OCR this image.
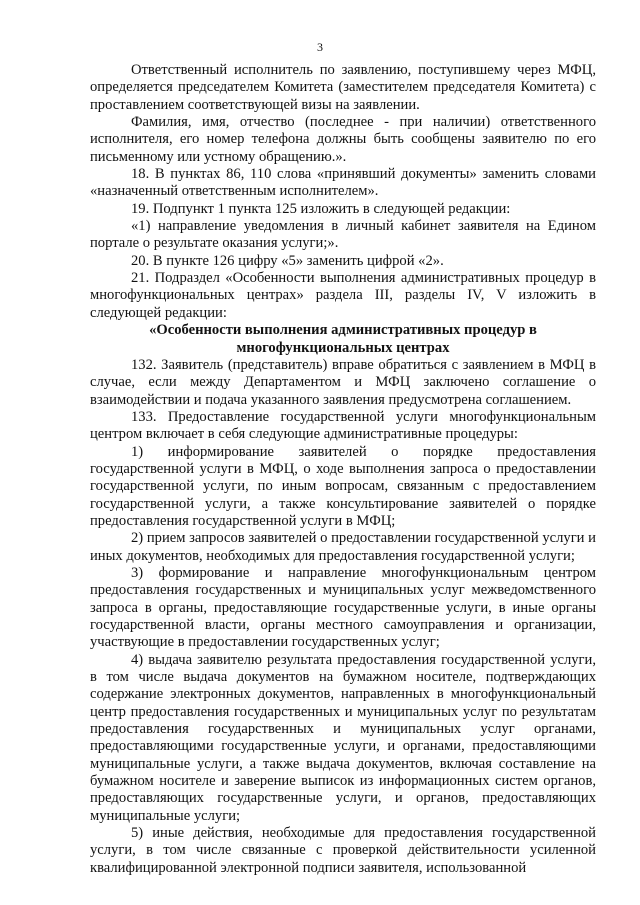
3

Ответственный исполнитель по заявлению, поступившему через МФЦ, определяется председателем Комитета (заместителем председателя Комитета) с проставлением соответствующей визы на заявлении.

Фамилия, имя, отчество (последнее - при наличии) ответственного исполнителя, его номер телефона должны быть сообщены заявителю по его письменному или устному обращению.».

18. В пунктах 86, 110 слова «принявший документы» заменить словами «назначенный ответственным исполнителем».

19. Подпункт 1 пункта 125 изложить в следующей редакции:

«1) направление уведомления в личный кабинет заявителя на Едином портале о результате оказания услуги;».

20. В пункте 126 цифру «5» заменить цифрой «2».

21. Подраздел «Особенности выполнения административных процедур в многофункциональных центрах» раздела III, разделы IV, V изложить в следующей редакции:

«Особенности выполнения административных процедур в многофункциональных центрах

132. Заявитель (представитель) вправе обратиться с заявлением в МФЦ в случае, если между Департаментом и МФЦ заключено соглашение о взаимодействии и подача указанного заявления предусмотрена соглашением.

133. Предоставление государственной услуги многофункциональным центром включает в себя следующие административные процедуры:

1) информирование заявителей о порядке предоставления государственной услуги в МФЦ, о ходе выполнения запроса о предоставлении государственной услуги, по иным вопросам, связанным с предоставлением государственной услуги, а также консультирование заявителей о порядке предоставления государственной услуги в МФЦ;

2) прием запросов заявителей о предоставлении государственной услуги и иных документов, необходимых для предоставления государственной услуги;

3) формирование и направление многофункциональным центром предоставления государственных и муниципальных услуг межведомственного запроса в органы, предоставляющие государственные услуги, в иные органы государственной власти, органы местного самоуправления и организации, участвующие в предоставлении государственных услуг;

4) выдача заявителю результата предоставления государственной услуги, в том числе выдача документов на бумажном носителе, подтверждающих содержание электронных документов, направленных в многофункциональный центр предоставления государственных и муниципальных услуг по результатам предоставления государственных и муниципальных услуг органами, предоставляющими государственные услуги, и органами, предоставляющими муниципальные услуги, а также выдача документов, включая составление на бумажном носителе и заверение выписок из информационных систем органов, предоставляющих государственные услуги, и органов, предоставляющих муниципальные услуги;

5) иные действия, необходимые для предоставления государственной услуги, в том числе связанные с проверкой действительности усиленной квалифицированной электронной подписи заявителя, использованной
